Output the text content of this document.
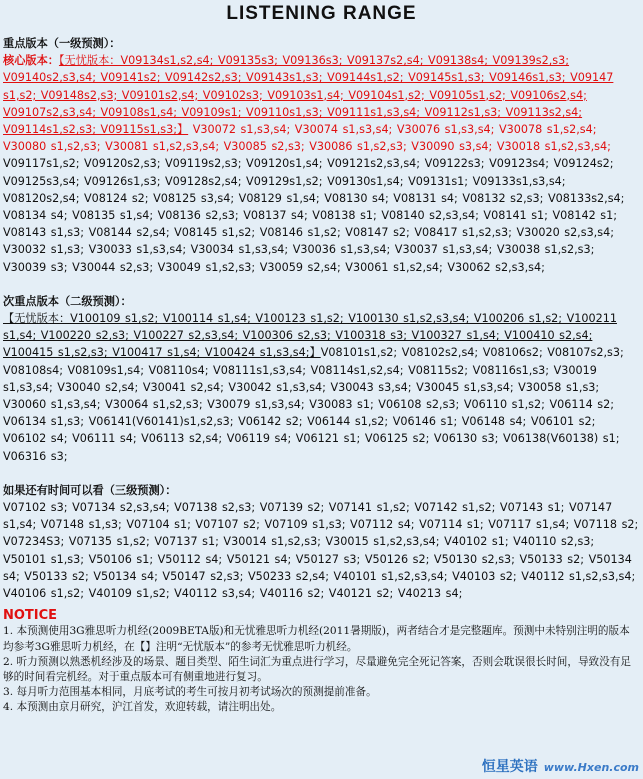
LISTENING RANGE
重点版本（一级预测）：
核心版本：【无忧版本：V09134s1,s2,s4; V09135s3; V09136s3; V09137s2,s4; V09138s4; V09139s2,s3; V09140s2,s3,s4; V09141s2; V09142s2,s3; V09143s1,s3; V09144s1,s2; V09145s1,s3; V09146s1,s3; V09147 s1,s2; V09148s2,s3; V09101s2,s4; V09102s3; V09103s1,s4; V09104s1,s2; V09105s1,s2; V09106s2,s4; V09107s2,s3,s4; V09108s1,s4; V09109s1; V09110s1,s3; V09111s1,s3,s4; V09112s1,s3; V09113s2,s4; V09114s1,s2,s3; V09115s1,s3;】 V30072 s1,s3,s4; V30074 s1,s3,s4; V30076 s1,s3,s4; V30078 s1,s2,s4; V30080 s1,s2,s3; V30081 s1,s2,s3,s4; V30085 s2,s3; V30086 s1,s2,s3; V30090 s3,s4; V30018 s1,s2,s3,s4;
V09117s1,s2; V09120s2,s3; V09119s2,s3; V09120s1,s4; V09121s2,s3,s4; V09122s3; V09123s4; V09124s2; V09125s3,s4; V09126s1,s3; V09128s2,s4; V09129s1,s2; V09130s1,s4; V09131s1; V09133s1,s3,s4; V08120s2,s4; V08124 s2; V08125 s3,s4; V08129 s1,s4; V08130 s4; V08131 s4; V08132 s2,s3; V08133s2,s4; V08134 s4; V08135 s1,s4; V08136 s2,s3; V08137 s4; V08138 s1; V08140 s2,s3,s4; V08141 s1; V08142 s1; V08143 s1,s3; V08144 s2,s4; V08145 s1,s2; V08146 s1,s2; V08147 s2; V08417 s1,s2,s3; V30020 s2,s3,s4; V30032 s1,s3; V30033 s1,s3,s4; V30034 s1,s3,s4; V30036 s1,s3,s4; V30037 s1,s3,s4; V30038 s1,s2,s3; V30039 s3; V30044 s2,s3; V30049 s1,s2,s3; V30059 s2,s4; V30061 s1,s2,s4; V30062 s2,s3,s4;
次重点版本（二级预测）：
【无忧版本：V100109 s1,s2; V100114 s1,s4; V100123 s1,s2; V100130 s1,s2,s3,s4; V100206 s1,s2; V100211 s1,s4; V100220 s2,s3; V100227 s2,s3,s4; V100306 s2,s3; V100318 s3; V100327 s1,s4; V100410 s2,s4; V100415 s1,s2,s3; V100417 s1,s4; V100424 s1,s3,s4;】V08101s1,s2; V08102s2,s4; V08106s2; V08107s2,s3; V08108s4; V08109s1,s4; V08110s4; V08111s1,s3,s4; V08114s1,s2,s4; V08115s2; V08116s1,s3; V30019 s1,s3,s4; V30040 s2,s4; V30041 s2,s4; V30042 s1,s3,s4; V30043 s3,s4; V30045 s1,s3,s4; V30058 s1,s3; V30060 s1,s3,s4; V30064 s1,s2,s3; V30079 s1,s3,s4; V30083 s1; V06108 s2,s3; V06110 s1,s2; V06114 s2; V06134 s1,s3; V06141(V60141)s1,s2,s3; V06142 s2; V06144 s1,s2; V06146 s1; V06148 s4; V06101 s2; V06102 s4; V06111 s4; V06113 s2,s4; V06119 s4; V06121 s1; V06125 s2; V06130 s3; V06138(V60138) s1; V06316 s3;
如果还有时间可以看（三级预测）：
V07102 s3; V07134 s2,s3,s4; V07138 s2,s3; V07139 s2; V07141 s1,s2; V07142 s1,s2; V07143 s1; V07147 s1,s4; V07148 s1,s3; V07104 s1; V07107 s2; V07109 s1,s3; V07112 s4; V07114 s1; V07117 s1,s4; V07118 s2; V07234S3; V07135 s1,s2; V07137 s1; V30014 s1,s2,s3; V30015 s1,s2,s3,s4; V40102 s1; V40110 s2,s3; V50101 s1,s3; V50106 s1; V50112 s4; V50121 s4; V50127 s3; V50126 s2; V50130 s2,s3; V50133 s2; V50134 s4; V50133 s2; V50134 s4; V50147 s2,s3; V50233 s2,s4; V40101 s1,s2,s3,s4; V40103 s2; V40112 s1,s2,s3,s4; V40106 s1,s2; V40109 s1,s2; V40112 s3,s4; V40116 s2; V40121 s2; V40213 s4;
NOTICE
1. 本预测使用3G雅思听力机经(2009BETA版)和无忧雅思听力机经(2011暑期版)，两者结合才是完整题库。预测中未特别注明的版本均参考3G雅思听力机经，在【】注明“无忧版本”的参考无忧雅思听力机经。
2. 听力预测以熟悉机经涉及的场景、题目类型、陌生词汇为重点进行学习，尽量避免完全死记答案，否则会耽误很长时间，导致没有足够的时间看完机经。对于重点版本可有侧重地进行复习。
3. 每月听力范围基本相同，月底考试的考生可按月初考试场次的预测提前准备。
4. 本预测由京月研究，沪江首发，欢迎转载，请注明出处。
恒星英语 www.Hxen.com
